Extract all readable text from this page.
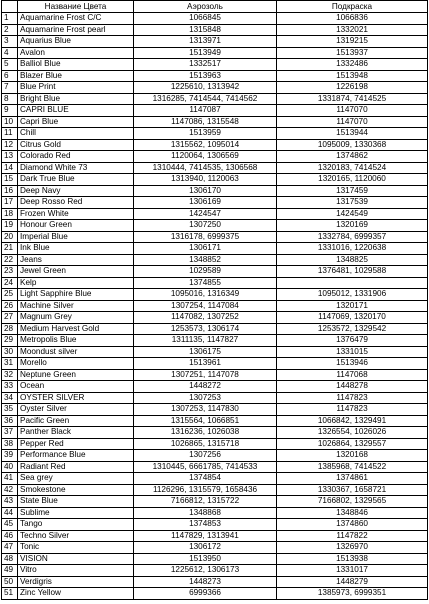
	Название Цвета	Аэрозоль	Подкраска
1	Aquamarine Frost C/C	1066845	1066836
2	Aquamarine Frost pearl	1315848	1332021
3	Aquarius Blue	1313971	1319215
4	Avalon	1513949	1513937
5	Balliol Blue	1332517	1332486
6	Blazer Blue	1513963	1513948
7	Blue Print	1225610, 1313942	1226198
8	Bright Blue	1316285, 7414544, 7414562	1331874, 7414525
9	CAPRI BLUE	1147087	1147070
10	Capri Blue	1147086, 1315548	1147070
11	Chill	1513959	1513944
12	Citrus Gold	1315562, 1095014	1095009, 1330368
13	Colorado Red	1120064, 1306569	1374862
14	Diamond White 73	1310444, 7414535, 1306568	1320183, 7414524
15	Dark True Blue	1313940, 1120063	1320165, 1120060
16	Deep Navy	1306170	1317459
17	Deep Rosso Red	1306169	1317539
18	Frozen White	1424547	1424549
19	Honour Green	1307250	1320169
20	Imperial Blue	1316178, 6999375	1332784, 6999357
21	Ink Blue	1306171	1331016, 1220638
22	Jeans	1348852	1348825
23	Jewel Green	1029589	1376481, 1029588
24	Kelp	1374855	
25	Light Sapphire Blue	1095016, 1316349	1095012, 1331906
26	Machine Silver	1307254, 1147084	1320171
27	Magnum Grey	1147082, 1307252	1147069, 1320170
28	Medium Harvest Gold	1253573, 1306174	1253572, 1329542
29	Metropolis Blue	1311135, 1147827	1376479
30	Moondust silver	1306175	1331015
31	Morello	1513961	1513946
32	Neptune Green	1307251, 1147078	1147068
33	Ocean	1448272	1448278
34	OYSTER SILVER	1307253	1147823
35	Oyster Silver	1307253, 1147830	1147823
36	Pacific Green	1315564, 1066851	1066842, 1329491
37	Panther Black	1316236, 1026038	1326554, 1026026
38	Pepper Red	1026865, 1315718	1026864, 1329557
39	Performance Blue	1307256	1320168
40	Radiant Red	1310445, 6661785, 7414533	1385968, 7414522
41	Sea grey	1374854	1374861
42	Smokestone	1126296, 1315579, 1658436	1330367, 1658721
43	State Blue	7166812, 1315722	7166802, 1329565
44	Sublime	1348868	1348846
45	Tango	1374853	1374860
46	Techno Silver	1147829, 1313941	1147822
47	Tonic	1306172	1326970
48	VISION	1513950	1513938
49	Vitro	1225612, 1306173	1331017
50	Verdigris	1448273	1448279
51	Zinc Yellow	6999366	1385973, 6999351
